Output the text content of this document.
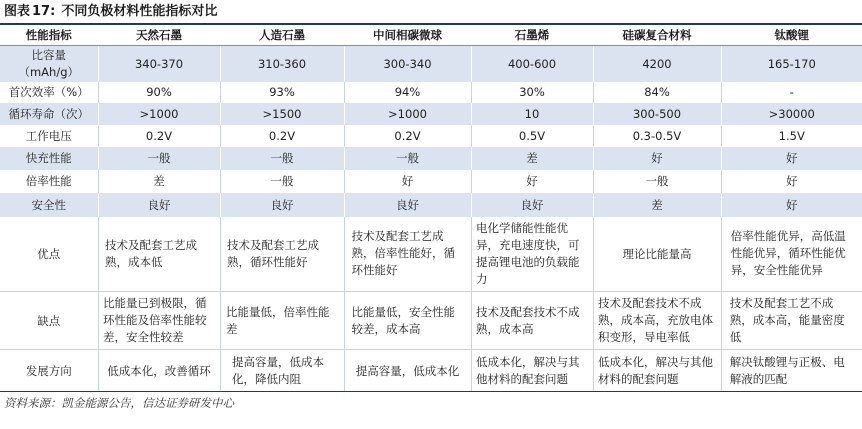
图表 17: 不同负极材料性能指标对比
性能指标	天然石墨	人造石墨	中间相碳微球	石墨烯	硅碳复合材料	钛酸锂
比容量（mAh/g）	340-370	310-360	300-340	400-600	4200	165-170
首次效率（%）	90%	93%	94%	30%	84%	-
循环寿命（次）	>1000	>1500	>1000	10	300-500	>30000
工作电压	0.2V	0.2V	0.2V	0.5V	0.3-0.5V	1.5V
快充性能	一般	一般	一般	差	好	好
倍率性能	差	一般	好	好	一般	好
安全性	良好	良好	良好	良好	差	好
优点	技术及配套工艺成熟，成本低	技术及配套工艺成熟，循环性能好	技术及配套工艺成熟，倍率性能好，循环性能好	电化学储能性能优异，充电速度快，可提高锂电池的负载能力	理论比能量高	倍率性能优异，高低温性能优异，循环性能优异，安全性能优异
缺点	比能量已到极限，循环性能及倍率性能较差，安全性较差	比能量低，倍率性能差	比能量低，安全性能较差，成本高	技术及配套技术不成熟，成本高	技术及配套技术不成熟，成本高，充放电体积变形，导电率低	技术及配套工艺不成熟，成本高，能量密度低
发展方向	低成本化，改善循环	提高容量，低成本化，降低内阻	提高容量，低成本化	低成本化，解决与其他材料的配套问题	低成本化，解决与其他材料的配套问题	解决钛酸锂与正极、电解液的匹配
资料来源：凯金能源公告，信达证券研发中心
